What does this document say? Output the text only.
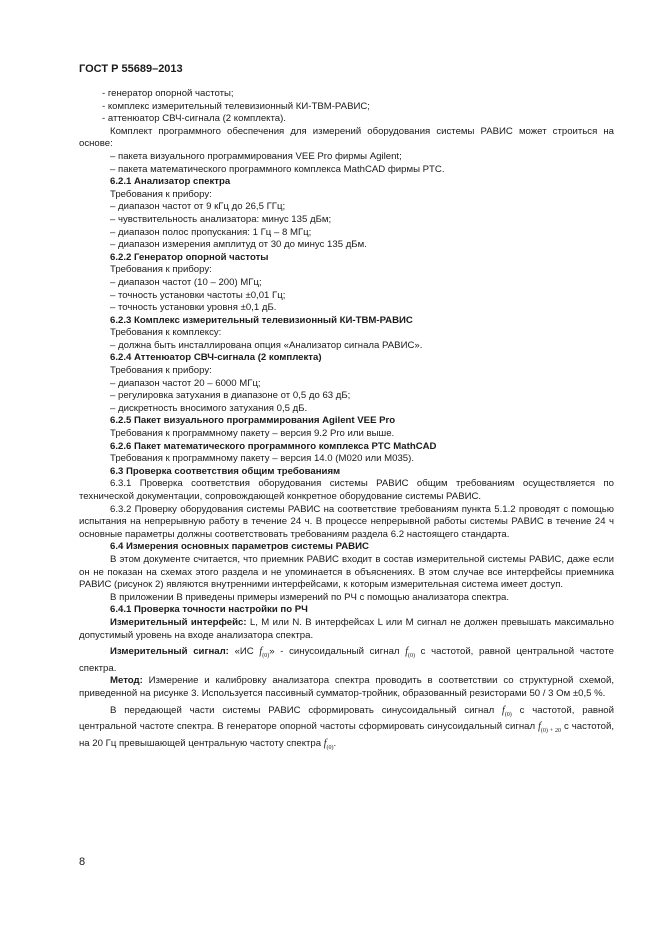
ГОСТ Р 55689–2013

- генератор опорной частоты;

- комплекс измерительный телевизионный КИ-ТВМ-РАВИС;

- аттенюатор СВЧ-сигнала (2 комплекта).

Комплект программного обеспечения для измерений оборудования системы РАВИС может строиться на основе:

– пакета визуального программирования VEE Pro фирмы Agilent;

– пакета математического программного комплекса MathCAD фирмы PTC.

6.2.1 Анализатор спектра

Требования к прибору:

– диапазон частот от 9 кГц до 26,5 ГГц;

– чувствительность анализатора: минус 135 дБм;

– диапазон полос пропускания: 1 Гц – 8 МГц;

– диапазон измерения амплитуд от 30 до минус 135 дБм.

6.2.2 Генератор опорной частоты

Требования к прибору:

– диапазон частот (10 – 200) МГц;

– точность установки частоты ±0,01 Гц;

– точность установки уровня ±0,1 дБ.

6.2.3 Комплекс измерительный телевизионный КИ-ТВМ-РАВИС

Требования к комплексу:

– должна быть инсталлирована опция «Анализатор сигнала РАВИС».

6.2.4 Аттенюатор СВЧ-сигнала (2 комплекта)

Требования к прибору:

– диапазон частот 20 – 6000 МГц;

– регулировка затухания в диапазоне от 0,5 до 63 дБ;

– дискретность вносимого затухания 0,5 дБ.

6.2.5 Пакет визуального программирования Agilent VEE Pro

Требования к программному пакету – версия 9.2 Pro или выше.

6.2.6 Пакет математического программного комплекса PTC MathCAD

Требования к программному пакету – версия 14.0 (М020 или М035).

6.3 Проверка соответствия общим требованиям

6.3.1 Проверка соответствия оборудования системы РАВИС общим требованиям осуществляется по технической документации, сопровождающей конкретное оборудование системы РАВИС.

6.3.2 Проверку оборудования системы РАВИС на соответствие требованиям пункта 5.1.2 проводят с помощью испытания на непрерывную работу в течение 24 ч. В процессе непрерывной работы системы РАВИС в течение 24 ч основные параметры должны соответствовать требованиям раздела 6.2 настоящего стандарта.

6.4 Измерения основных параметров системы РАВИС

В этом документе считается, что приемник РАВИС входит в состав измерительной системы РАВИС, даже если он не показан на схемах этого раздела и не упоминается в объяснениях. В этом случае все интерфейсы приемника РАВИС (рисунок 2) являются внутренними интерфейсами, к которым измерительная система имеет доступ.

В приложении В приведены примеры измерений по РЧ с помощью анализатора спектра.

6.4.1 Проверка точности настройки по РЧ

Измерительный интерфейс: L, M или N. В интерфейсах L или M сигнал не должен превышать максимально допустимый уровень на входе анализатора спектра.

Измерительный сигнал: «ИС $f_{(0)}$» - синусоидальный сигнал $f_{(0)}$ с частотой, равной центральной частоте спектра.

Метод: Измерение и калибровку анализатора спектра проводить в соответствии со структурной схемой, приведенной на рисунке 3. Используется пассивный сумматор-тройник, образованный резисторами 50 / 3 Ом ±0,5 %.

В передающей части системы РАВИС сформировать синусоидальный сигнал $f_{(0)}$ с частотой, равной центральной частоте спектра. В генераторе опорной частоты сформировать синусоидальный сигнал $f_{(0) + 20}$ с частотой, на 20 Гц превышающей центральную частоту спектра $f_{(0)}$.

8
